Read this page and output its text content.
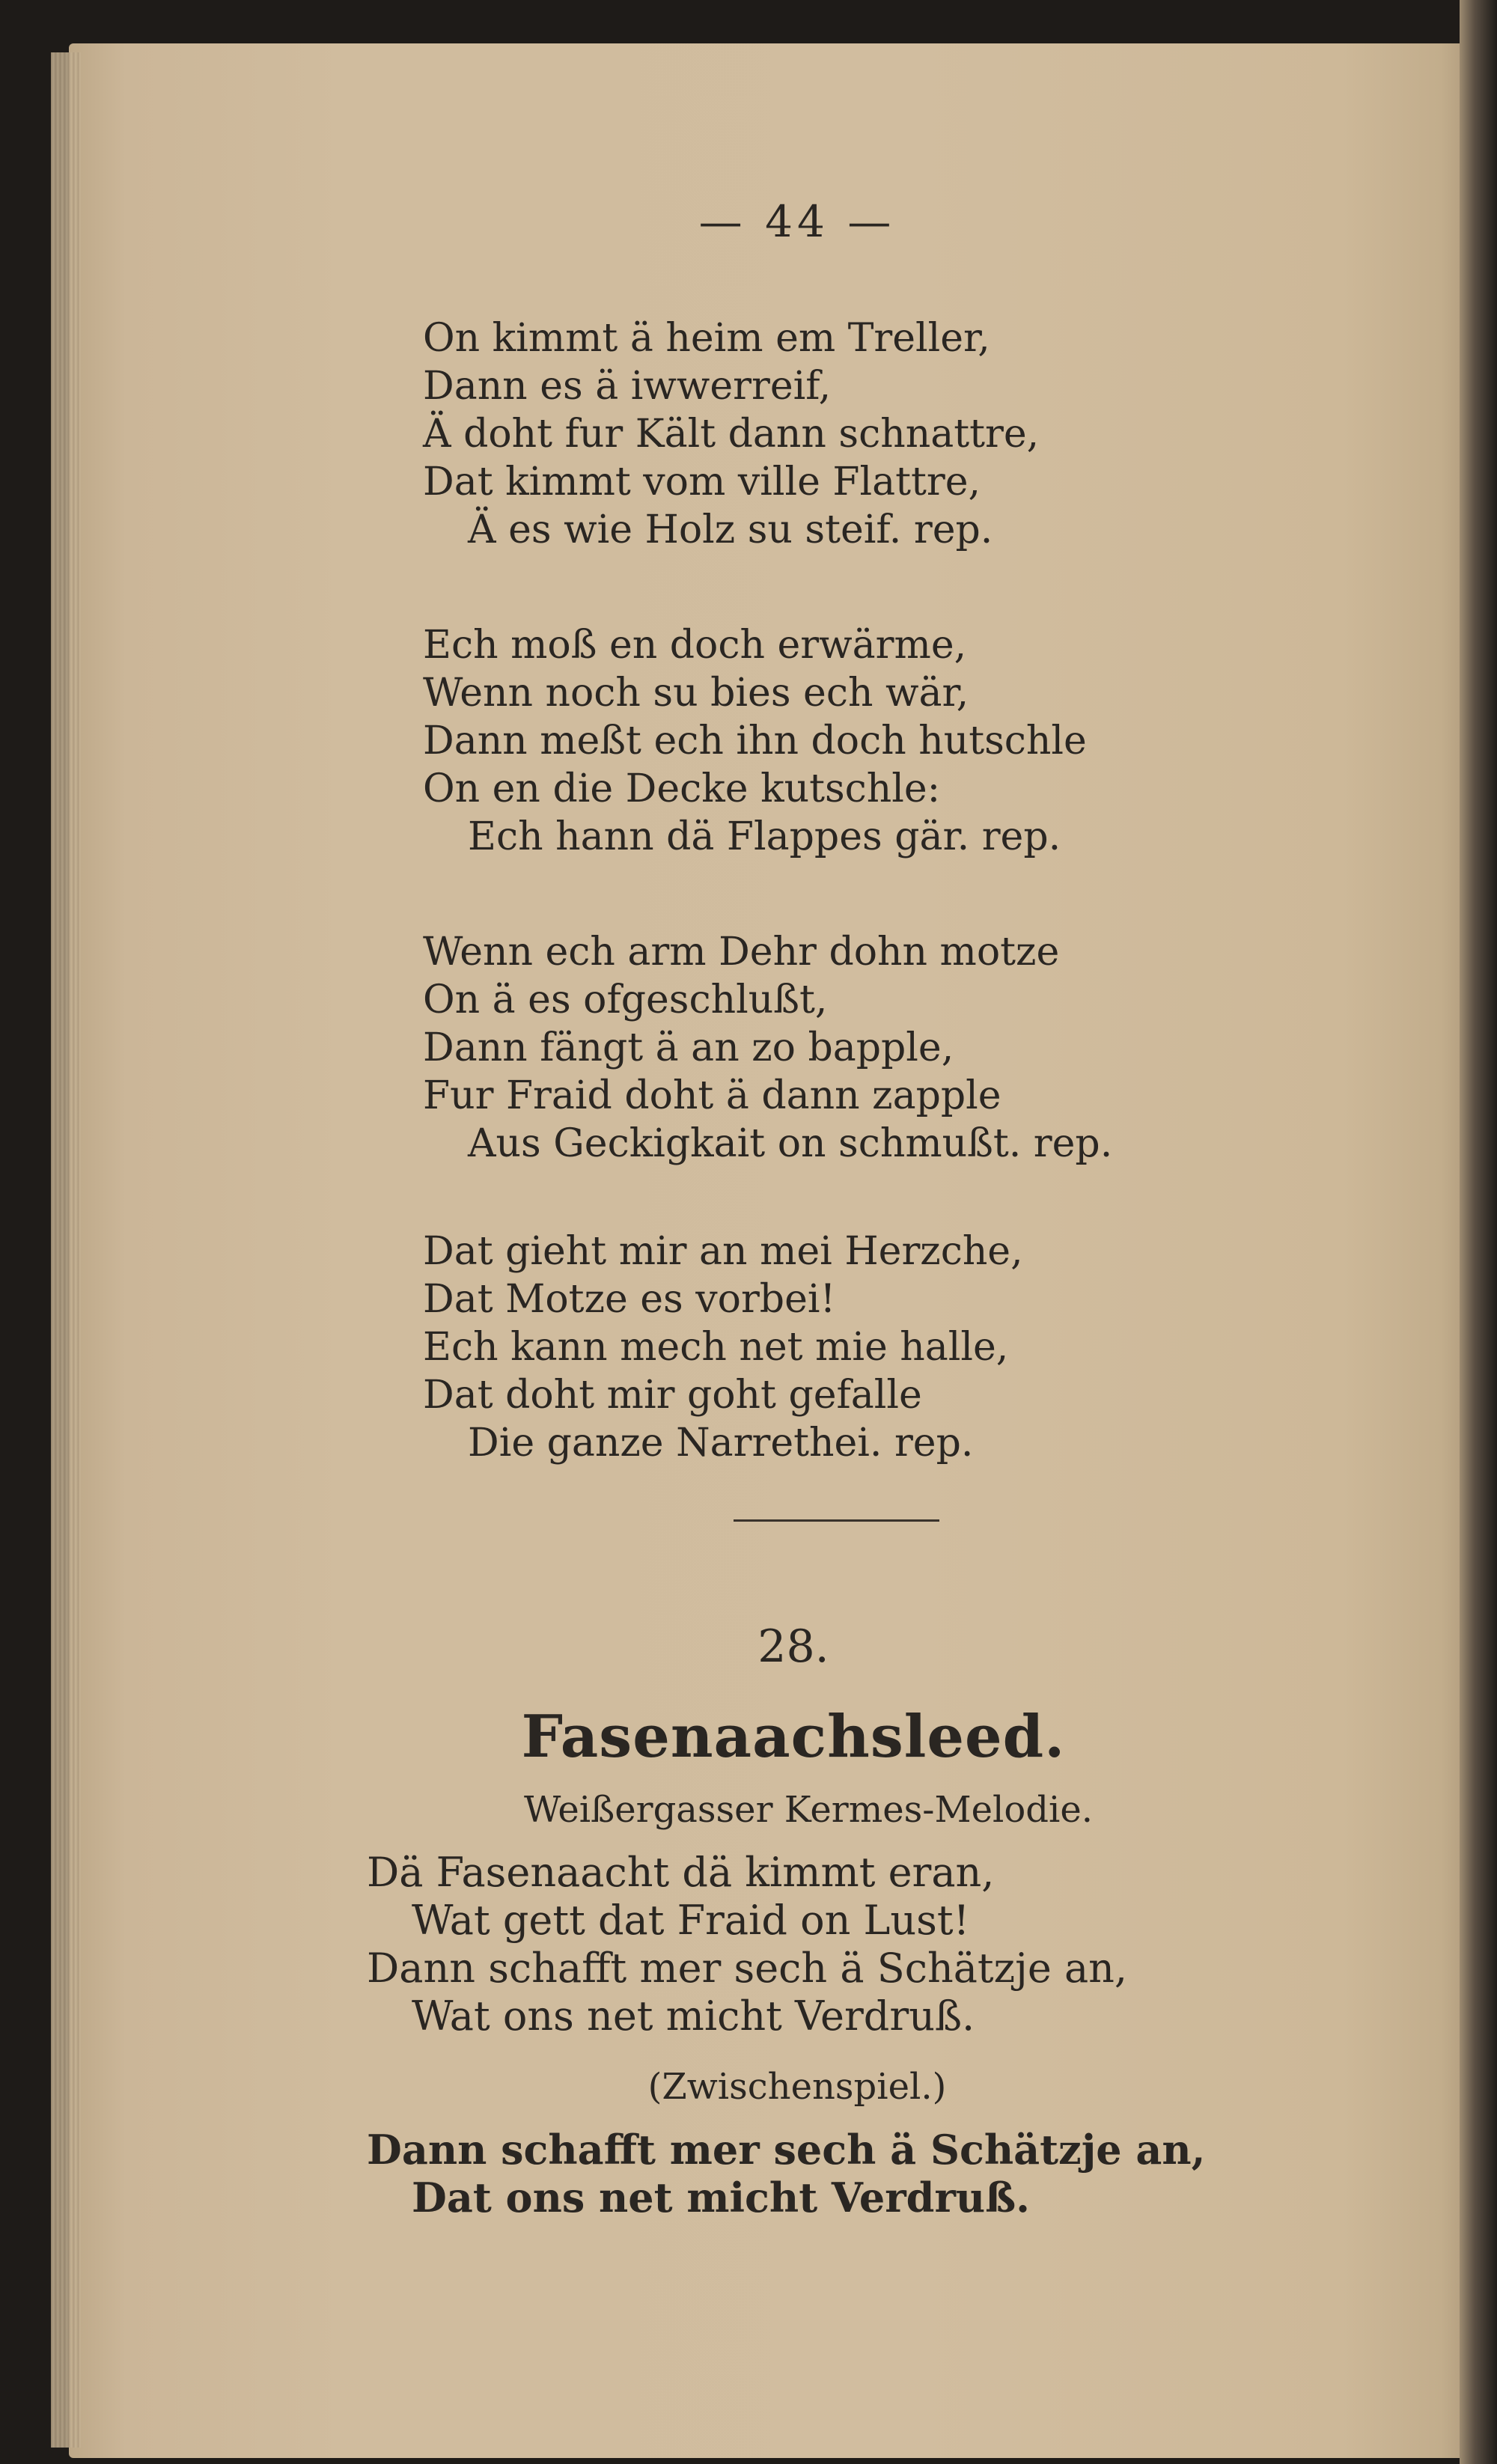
— 44 —
On kimmt ä heim em Treller,
Dann es ä iwwerreif,
Ä doht fur Kält dann schnattre,
Dat kimmt vom ville Flattre,
Ä es wie Holz su steif. rep.
Ech moß en doch erwärme,
Wenn noch su bies ech wär,
Dann meßt ech ihn doch hutschle
On en die Decke kutschle:
Ech hann dä Flappes gär. rep.
Wenn ech arm Dehr dohn motze
On ä es ofgeschlußt,
Dann fängt ä an zo bapple,
Fur Fraid doht ä dann zapple
Aus Geckigkait on schmußt. rep.
Dat gieht mir an mei Herzche,
Dat Motze es vorbei!
Ech kann mech net mie halle,
Dat doht mir goht gefalle
Die ganze Narrethei. rep.
28.
Fasenaachsleed.
Weißergasser Kermes-Melodie.
Dä Fasenaacht dä kimmt eran,
Wat gett dat Fraid on Lust!
Dann schafft mer sech ä Schätzje an,
Wat ons net micht Verdruß.
(Zwischenspiel.)
Dann schafft mer sech ä Schätzje an,
Dat ons net micht Verdruß.
